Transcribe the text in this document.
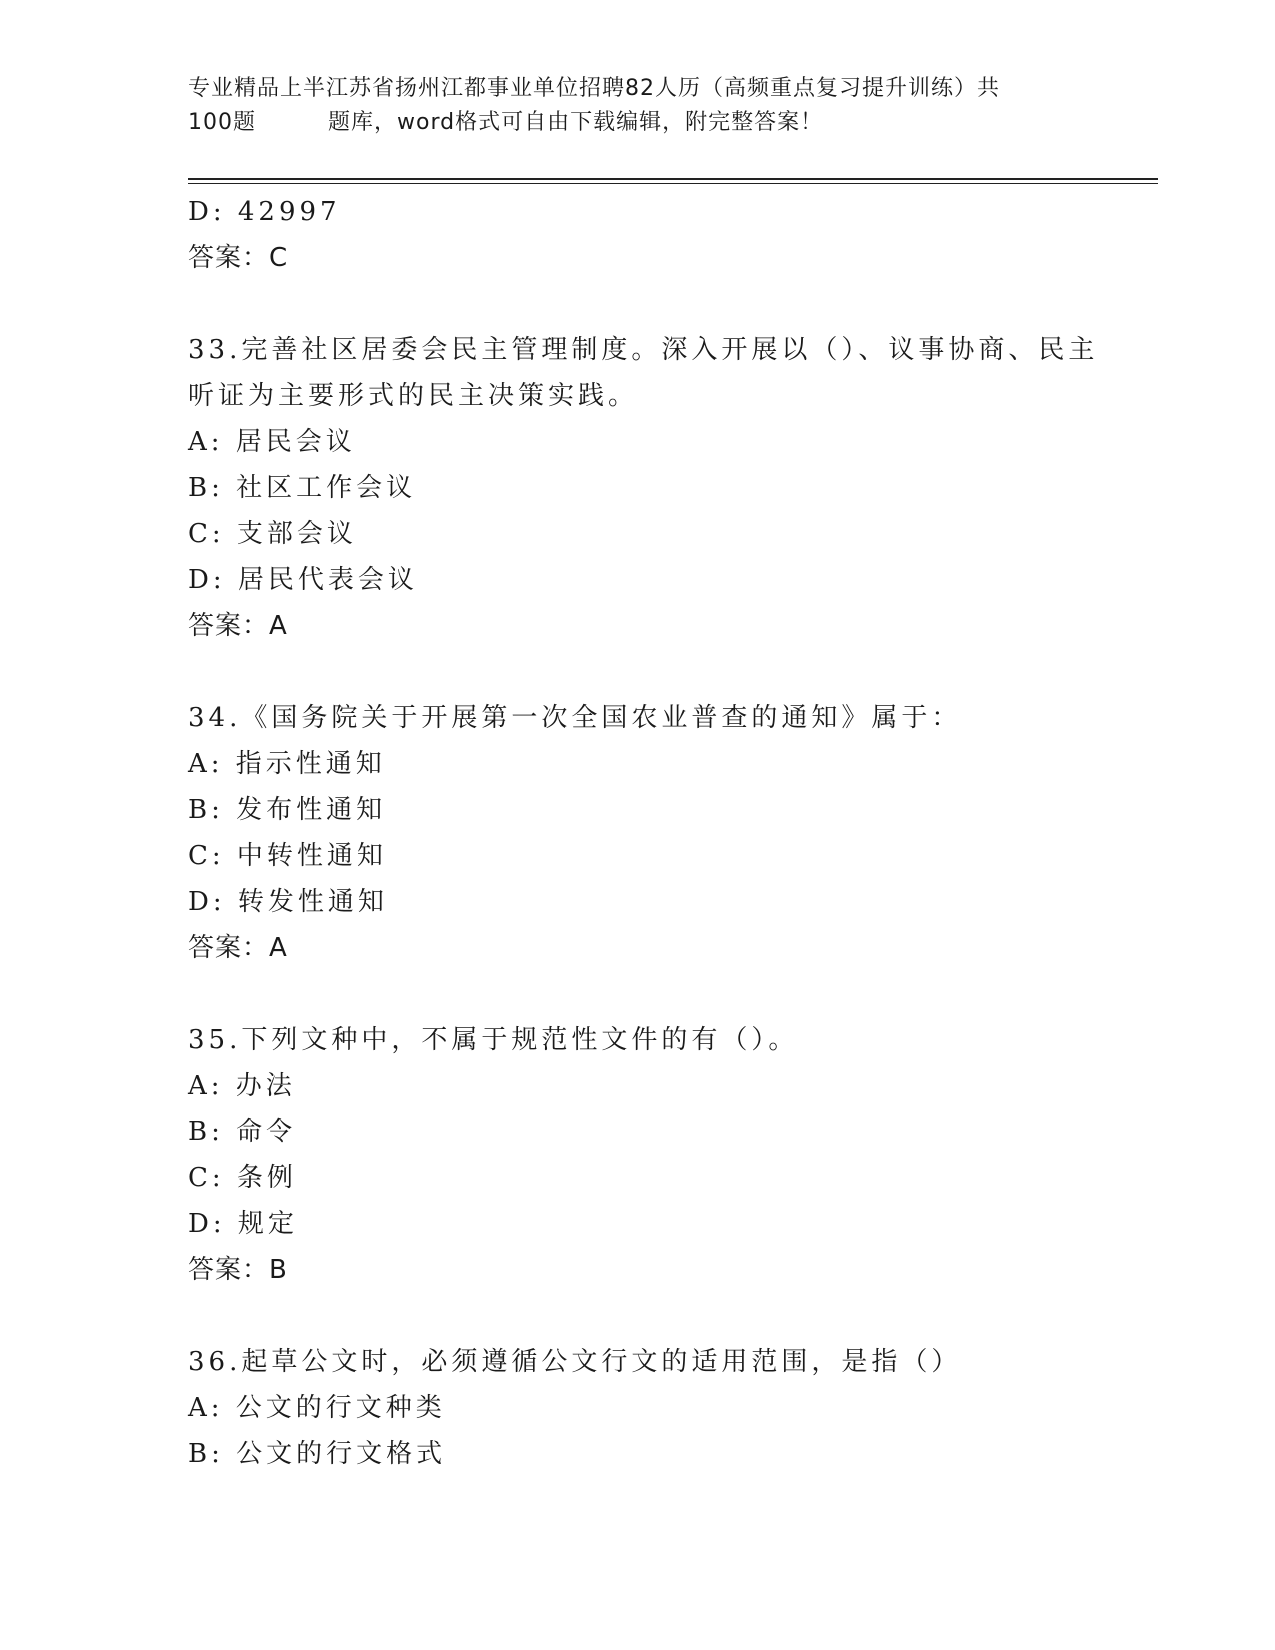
专业精品上半江苏省扬州江都事业单位招聘82人历（高频重点复习提升训练）共
100题	题库，word格式可自由下载编辑，附完整答案！
D: 42997
答案：C
33.完善社区居委会民主管理制度。深入开展以（）、议事协商、民主
听证为主要形式的民主决策实践。
A: 居民会议
B: 社区工作会议
C: 支部会议
D: 居民代表会议
答案：A
34.《国务院关于开展第一次全国农业普查的通知》属于：
A: 指示性通知
B: 发布性通知
C: 中转性通知
D: 转发性通知
答案：A
35.下列文种中，不属于规范性文件的有（）。
A: 办法
B: 命令
C: 条例
D: 规定
答案：B
36.起草公文时，必须遵循公文行文的适用范围，是指（）
A: 公文的行文种类
B: 公文的行文格式
